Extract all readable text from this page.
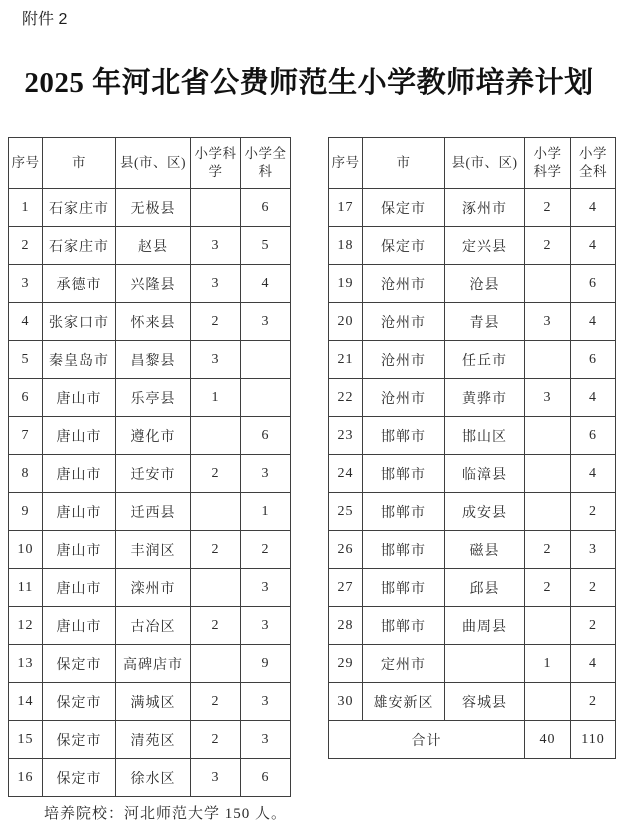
附件 2
2025 年河北省公费师范生小学教师培养计划
序号	市	县(市、区)	小学科学	小学全科
1	石家庄市	无极县		6
2	石家庄市	赵县	3	5
3	承德市	兴隆县	3	4
4	张家口市	怀来县	2	3
5	秦皇岛市	昌黎县	3	
6	唐山市	乐亭县	1	
7	唐山市	遵化市		6
8	唐山市	迁安市	2	3
9	唐山市	迁西县		1
10	唐山市	丰润区	2	2
11	唐山市	滦州市		3
12	唐山市	古冶区	2	3
13	保定市	高碑店市		9
14	保定市	满城区	2	3
15	保定市	清苑区	2	3
16	保定市	徐水区	3	6
序号	市	县(市、区)	小学科学	小学全科
17	保定市	涿州市	2	4
18	保定市	定兴县	2	4
19	沧州市	沧县		6
20	沧州市	青县	3	4
21	沧州市	任丘市		6
22	沧州市	黄骅市	3	4
23	邯郸市	邯山区		6
24	邯郸市	临漳县		4
25	邯郸市	成安县		2
26	邯郸市	磁县	2	3
27	邯郸市	邱县	2	2
28	邯郸市	曲周县		2
29	定州市		1	4
30	雄安新区	容城县		2
合计			40	110
培养院校：河北师范大学 150 人。
